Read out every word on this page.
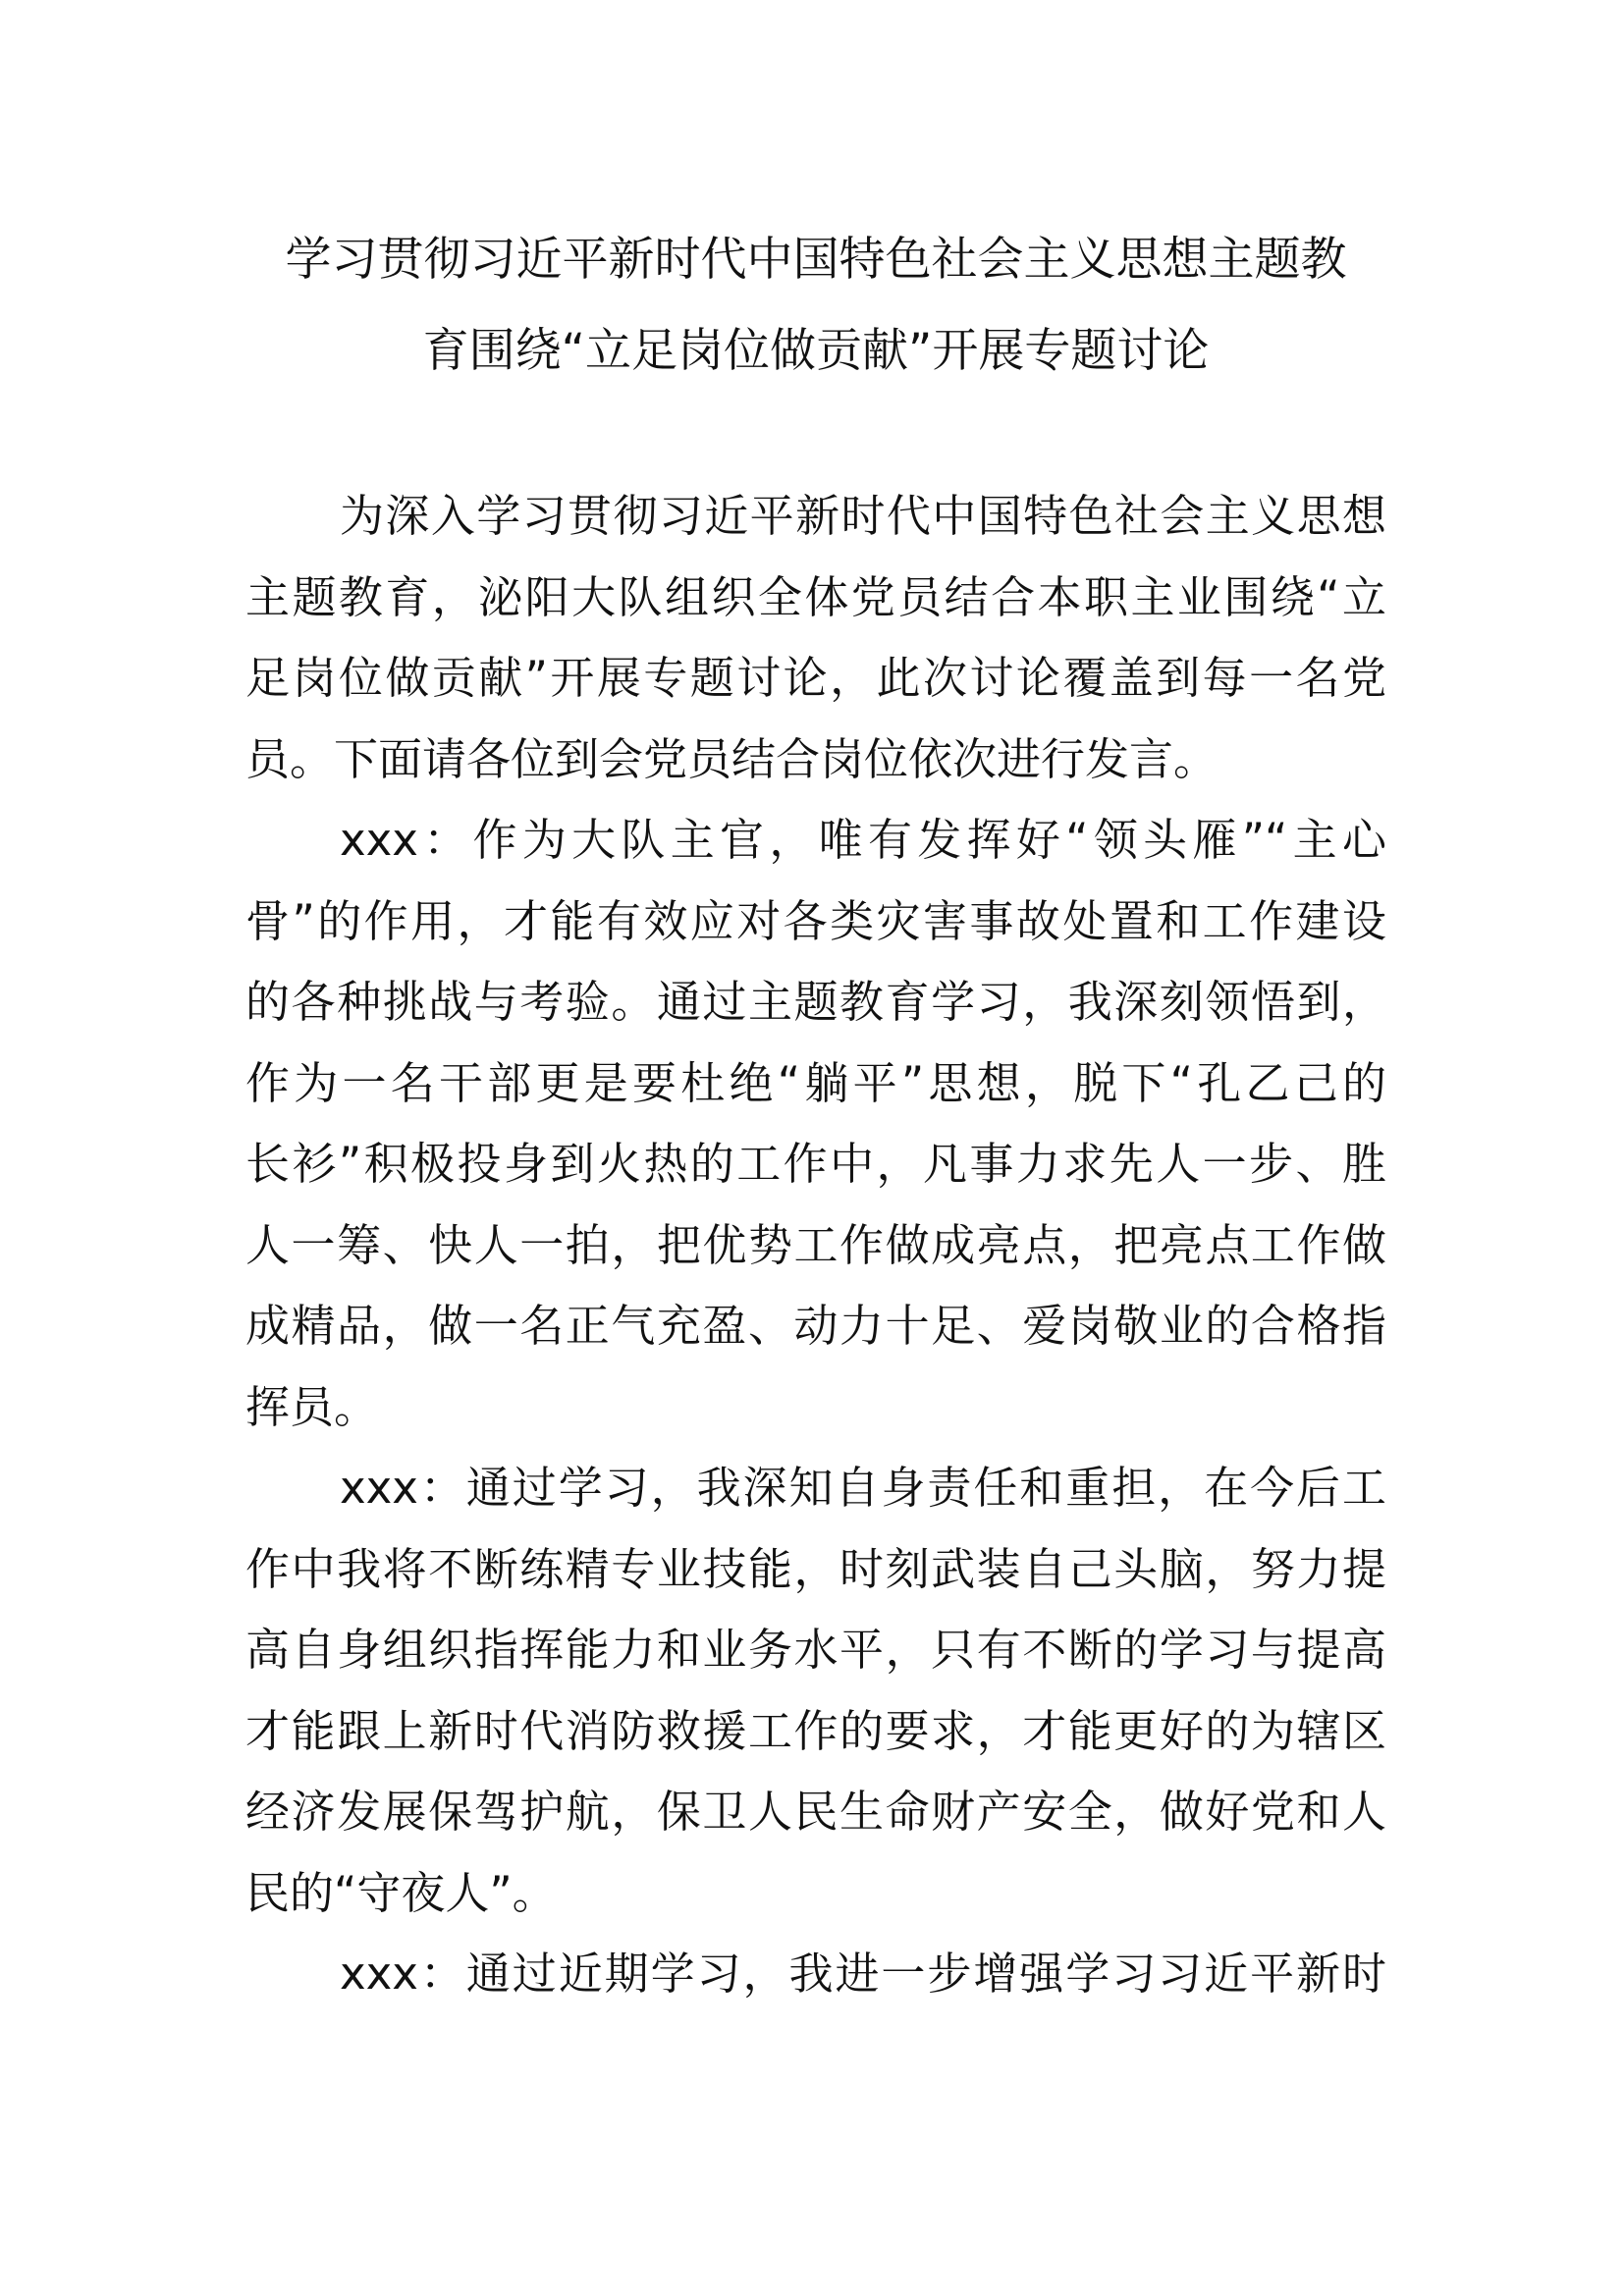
学习贯彻习近平新时代中国特色社会主义思想主题教
育围绕“立足岗位做贡献”开展专题讨论
为深入学习贯彻习近平新时代中国特色社会主义思想
主题教育，泌阳大队组织全体党员结合本职主业围绕“立
足岗位做贡献”开展专题讨论，此次讨论覆盖到每一名党
员。下面请各位到会党员结合岗位依次进行发言。
xxx：作为大队主官，唯有发挥好“领头雁”“主心
骨”的作用，才能有效应对各类灾害事故处置和工作建设
的各种挑战与考验。通过主题教育学习，我深刻领悟到，
作为一名干部更是要杜绝“躺平”思想，脱下“孔乙己的
长衫”积极投身到火热的工作中，凡事力求先人一步、胜
人一筹、快人一拍，把优势工作做成亮点，把亮点工作做
成精品，做一名正气充盈、动力十足、爱岗敬业的合格指
挥员。
xxx：通过学习，我深知自身责任和重担，在今后工
作中我将不断练精专业技能，时刻武装自己头脑，努力提
高自身组织指挥能力和业务水平，只有不断的学习与提高
才能跟上新时代消防救援工作的要求，才能更好的为辖区
经济发展保驾护航，保卫人民生命财产安全，做好党和人
民的“守夜人”。
xxx：通过近期学习，我进一步增强学习习近平新时
